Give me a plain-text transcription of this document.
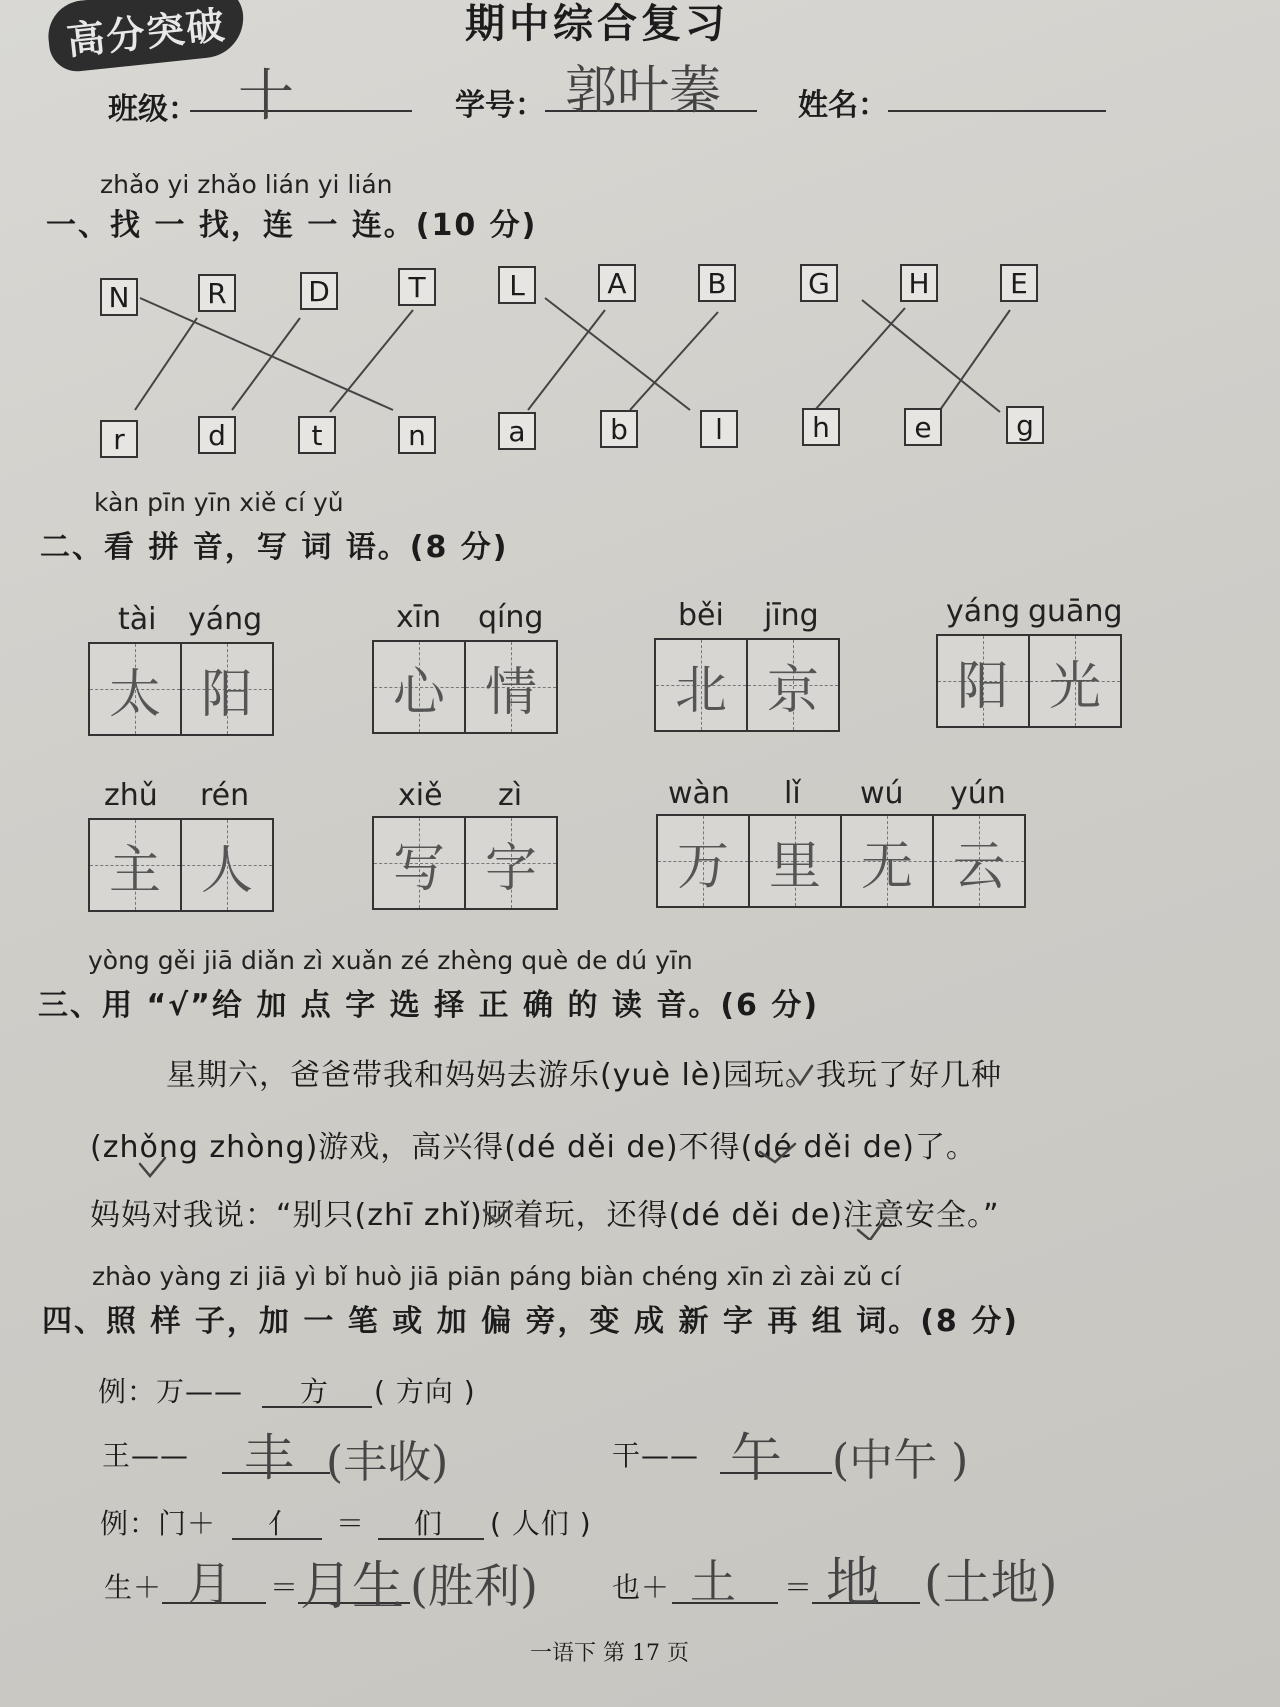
高分突破	期中综合复习
班级： 十	学号： 郭叶蓁	姓名：
zhǎo yi zhǎo lián yi lián
一、找 一 找，连 一 连。(10 分)
N	R	D	T	L	A	B	G	H	E
r	d	t	n	a	b	l	h	e	g
kàn pīn yīn xiě cí yǔ
二、看 拼 音，写 词 语。(8 分)
tài yáng
太 阳
xīn qíng
心 情
běi jīng
北 京
yáng guāng
阳 光
zhǔ rén
主 人
xiě zì
写 字
wàn lǐ wú yún
万 里 无 云
yòng gěi jiā diǎn zì xuǎn zé zhèng què de dú yīn
三、用 “√”给 加 点 字 选 择 正 确 的 读 音。(6 分)
星期六，爸爸带我和妈妈去游乐(yuè lè)园玩。我玩了好几种
(zhǒng zhòng)游戏，高兴得(dé děi de)不得(dé děi de)了。
妈妈对我说：“别只(zhī zhǐ)顾着玩，还得(dé děi de)注意安全。”
zhào yàng zi jiā yì bǐ huò jiā piān páng biàn chéng xīn zì zài zǔ cí
四、照 样 子，加 一 笔 或 加 偏 旁，变 成 新 字 再 组 词。(8 分)
例：万—— 方 ( 方向 )
王—— 丰 (丰收)	干—— 午 (中午 )
例：门＋ 亻 ＝ 们 ( 人们 )
生＋ 月 ＝ 月生 (胜利)	也＋ 土 ＝ 地 (土地)
一语下 第 17 页
